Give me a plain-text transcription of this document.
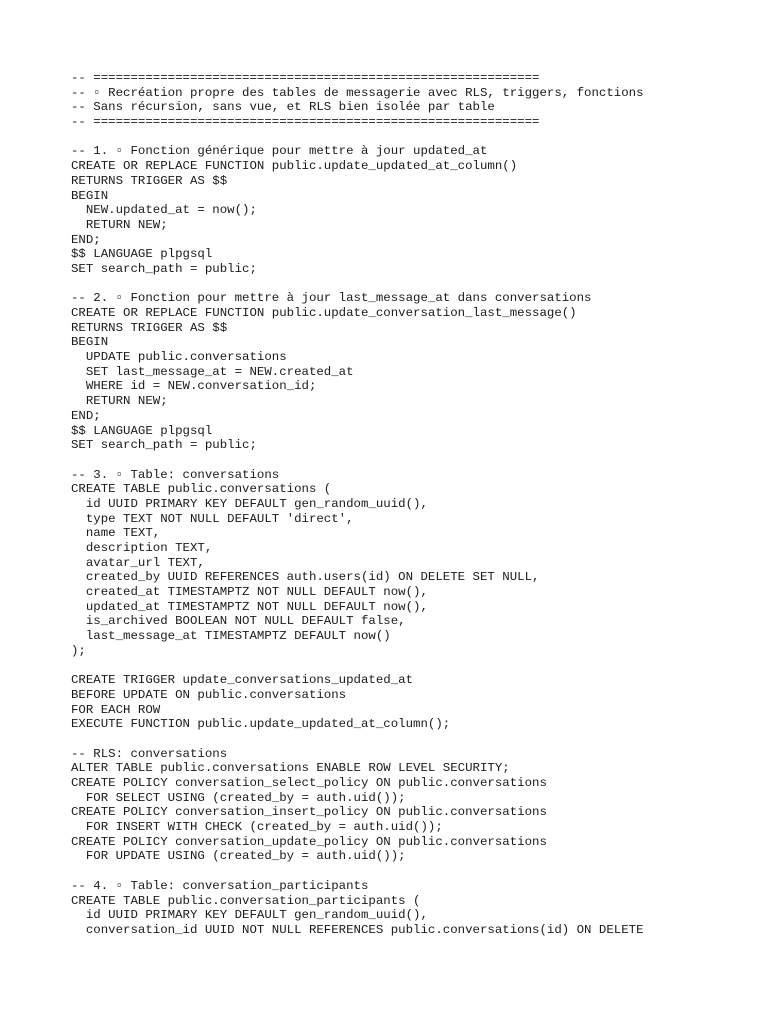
-- ============================================================
-- ▫ Recréation propre des tables de messagerie avec RLS, triggers, fonctions
-- Sans récursion, sans vue, et RLS bien isolée par table
-- ============================================================
-- 1. ▫ Fonction générique pour mettre à jour updated_at
CREATE OR REPLACE FUNCTION public.update_updated_at_column()
RETURNS TRIGGER AS $$
BEGIN
NEW.updated_at = now();
RETURN NEW;
END;
$$ LANGUAGE plpgsql
SET search_path = public;
-- 2. ▫ Fonction pour mettre à jour last_message_at dans conversations
CREATE OR REPLACE FUNCTION public.update_conversation_last_message()
RETURNS TRIGGER AS $$
BEGIN
UPDATE public.conversations
SET last_message_at = NEW.created_at
WHERE id = NEW.conversation_id;
RETURN NEW;
END;
$$ LANGUAGE plpgsql
SET search_path = public;
-- 3. ▫ Table: conversations
CREATE TABLE public.conversations (
id UUID PRIMARY KEY DEFAULT gen_random_uuid(),
type TEXT NOT NULL DEFAULT 'direct',
name TEXT,
description TEXT,
avatar_url TEXT,
created_by UUID REFERENCES auth.users(id) ON DELETE SET NULL,
created_at TIMESTAMPTZ NOT NULL DEFAULT now(),
updated_at TIMESTAMPTZ NOT NULL DEFAULT now(),
is_archived BOOLEAN NOT NULL DEFAULT false,
last_message_at TIMESTAMPTZ DEFAULT now()
);
CREATE TRIGGER update_conversations_updated_at
BEFORE UPDATE ON public.conversations
FOR EACH ROW
EXECUTE FUNCTION public.update_updated_at_column();
-- RLS: conversations
ALTER TABLE public.conversations ENABLE ROW LEVEL SECURITY;
CREATE POLICY conversation_select_policy ON public.conversations
FOR SELECT USING (created_by = auth.uid());
CREATE POLICY conversation_insert_policy ON public.conversations
FOR INSERT WITH CHECK (created_by = auth.uid());
CREATE POLICY conversation_update_policy ON public.conversations
FOR UPDATE USING (created_by = auth.uid());
-- 4. ▫ Table: conversation_participants
CREATE TABLE public.conversation_participants (
id UUID PRIMARY KEY DEFAULT gen_random_uuid(),
conversation_id UUID NOT NULL REFERENCES public.conversations(id) ON DELETE
